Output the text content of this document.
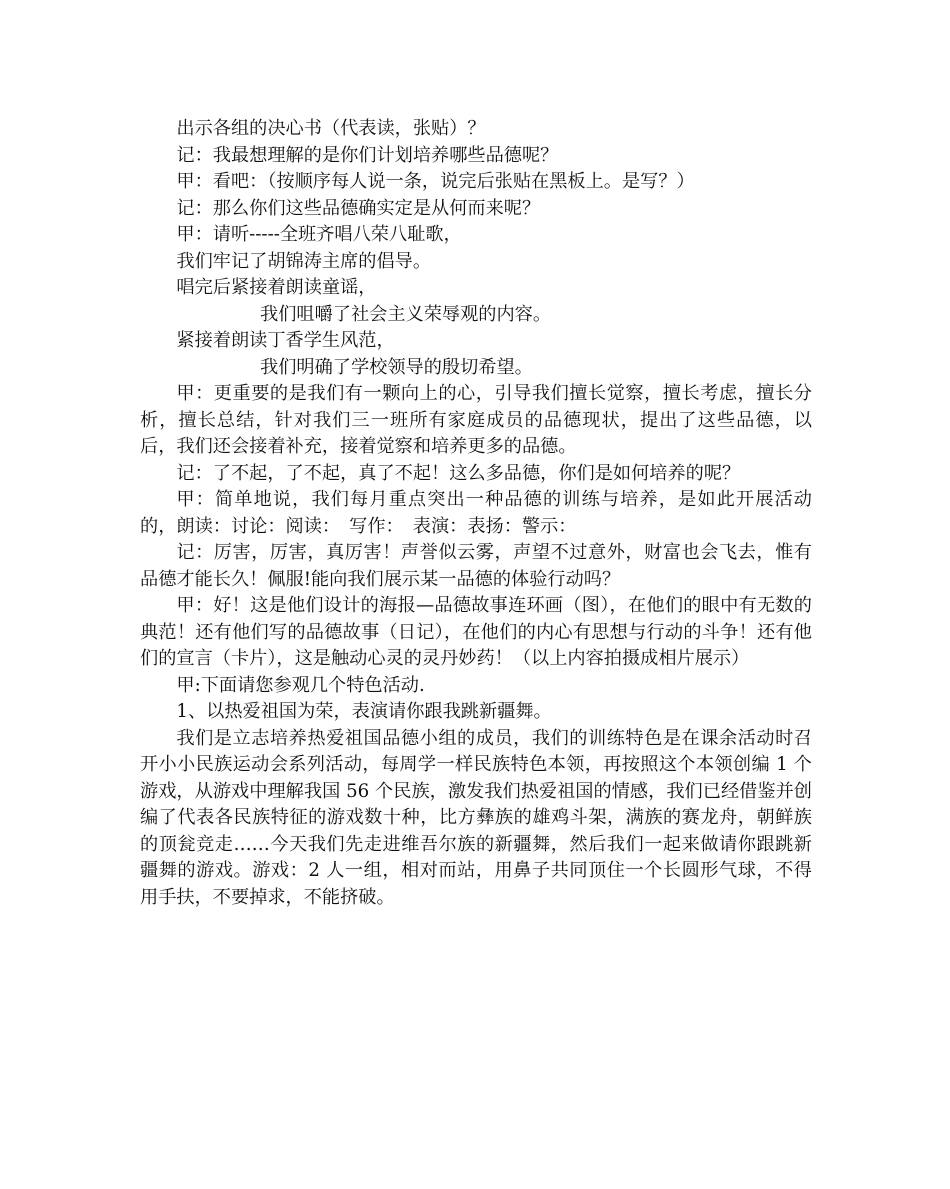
出示各组的决心书（代表读，张贴）？

记：我最想理解的是你们计划培养哪些品德呢？

甲：看吧：（按顺序每人说一条，说完后张贴在黑板上。是写？）

记：那么你们这些品德确实定是从何而来呢？

甲：请听-----全班齐唱八荣八耻歌，

我们牢记了胡锦涛主席的倡导。

唱完后紧接着朗读童谣，

我们咀嚼了社会主义荣辱观的内容。

紧接着朗读丁香学生风范，

我们明确了学校领导的殷切希望。

甲：更重要的是我们有一颗向上的心，引导我们擅长觉察，擅长考虑，擅长分析，擅长总结，针对我们三一班所有家庭成员的品德现状，提出了这些品德，以后，我们还会接着补充，接着觉察和培养更多的品德。

记：了不起，了不起，真了不起！这么多品德，你们是如何培养的呢？

甲：简单地说，我们每月重点突出一种品德的训练与培养，是如此开展活动的，朗读：讨论：阅读：　写作：　表演：表扬：警示：

记：厉害，厉害，真厉害！声誉似云雾，声望不过意外，财富也会飞去，惟有品德才能长久！佩服!能向我们展示某一品德的体验行动吗？

甲：好！这是他们设计的海报—品德故事连环画（图），在他们的眼中有无数的典范！还有他们写的品德故事（日记），在他们的内心有思想与行动的斗争！还有他们的宣言（卡片），这是触动心灵的灵丹妙药！（以上内容拍摄成相片展示）

甲:下面请您参观几个特色活动.

1、以热爱祖国为荣，表演请你跟我跳新疆舞。

我们是立志培养热爱祖国品德小组的成员，我们的训练特色是在课余活动时召开小小民族运动会系列活动，每周学一样民族特色本领，再按照这个本领创编 1 个游戏，从游戏中理解我国 56 个民族，激发我们热爱祖国的情感，我们已经借鉴并创编了代表各民族特征的游戏数十种，比方彝族的雄鸡斗架，满族的赛龙舟，朝鲜族的顶瓮竞走……今天我们先走进维吾尔族的新疆舞，然后我们一起来做请你跟跳新疆舞的游戏。游戏：2 人一组，相对而站，用鼻子共同顶住一个长圆形气球，不得用手扶，不要掉求，不能挤破。
